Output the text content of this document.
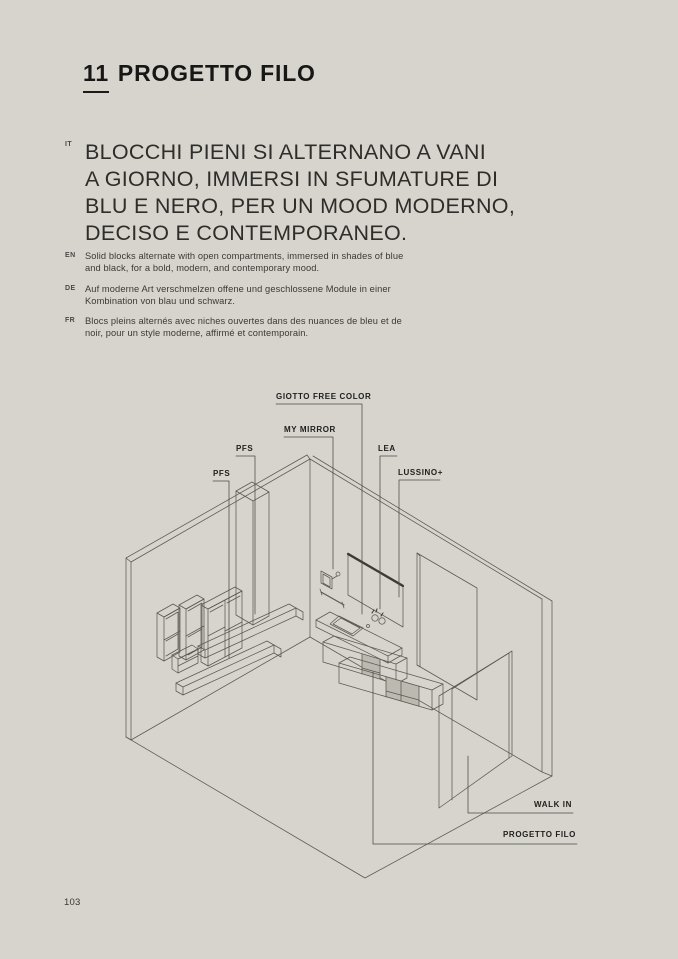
11 PROGETTO FILO
IT BLOCCHI PIENI SI ALTERNANO A VANI
A GIORNO, IMMERSI IN SFUMATURE DI
BLU E NERO, PER UN MOOD MODERNO,
DECISO E CONTEMPORANEO.
EN Solid blocks alternate with open compartments, immersed in shades of blue
and black, for a bold, modern, and contemporary mood.
DE Auf moderne Art verschmelzen offene und geschlossene Module in einer
Kombination von blau und schwarz.
FR Blocs pleins alternés avec niches ouvertes dans des nuances de bleu et de
noir, pour un style moderne, affirmé et contemporain.
GIOTTO FREE COLOR
MY MIRROR
PFS
PFS
LEA
LUSSINO+
WALK IN
PROGETTO FILO
103
